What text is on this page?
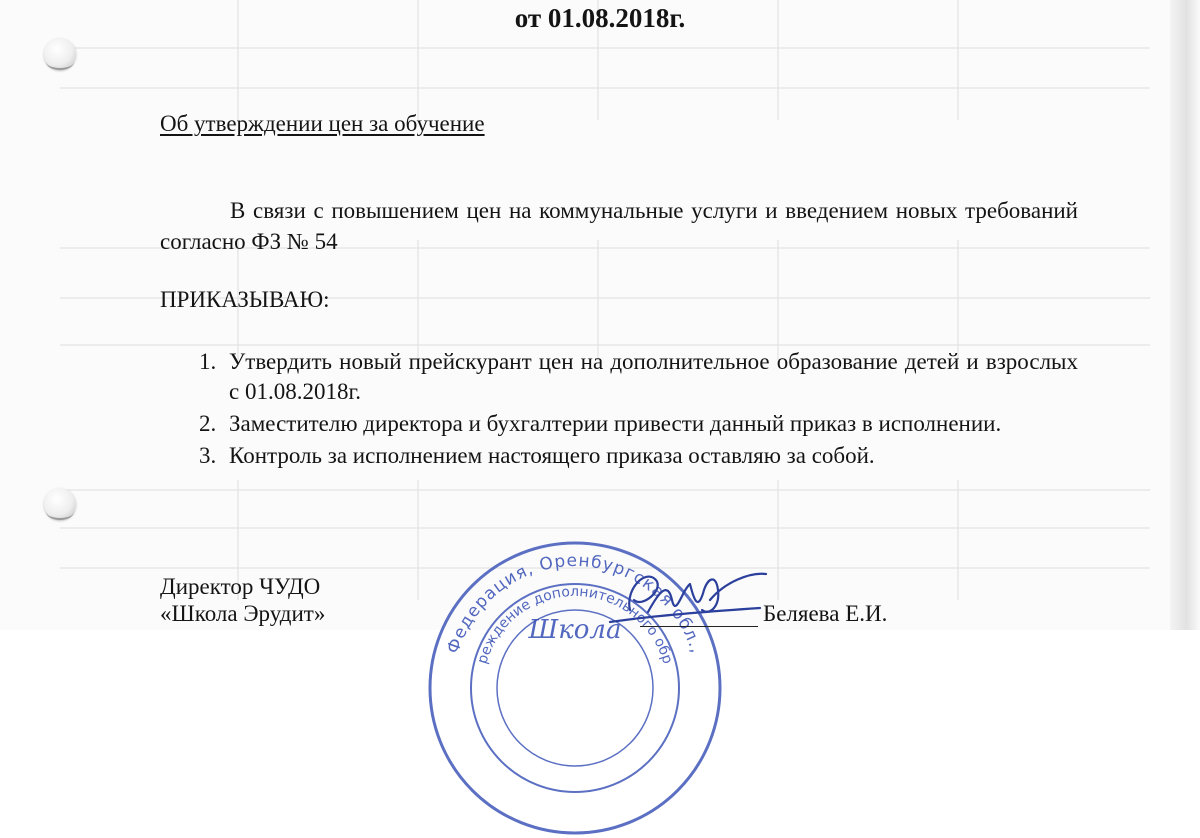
от 01.08.2018г.
Об утверждении цен за обучение

В связи с повышением цен на коммунальные услуги и введением новых требований согласно ФЗ № 54

ПРИКАЗЫВАЮ:
1. Утвердить новый прейскурант цен на дополнительное образование детей и взрослых с 01.08.2018г.
2. Заместителю директора и бухгалтерии привести данный приказ в исполнении.
3. Контроль за исполнением настоящего приказа оставляю за собой.
Федерация, Оренбургская обл.,
реждение дополнительного обр
Школа
Директор ЧУДО
«Школа Эрудит»	Беляева Е.И.
